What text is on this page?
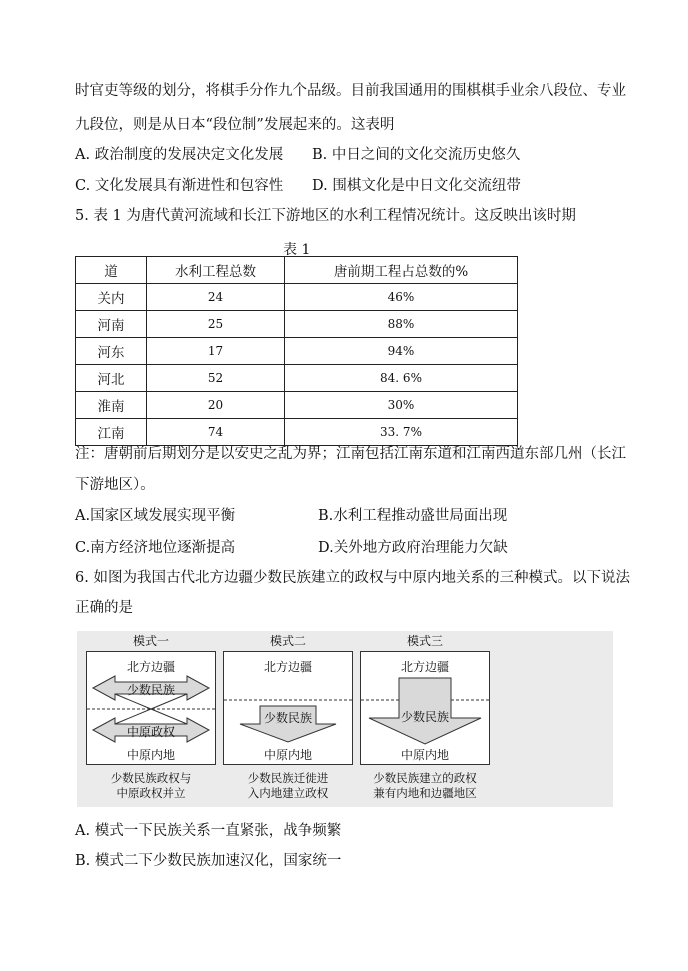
时官吏等级的划分，将棋手分作九个品级。目前我国通用的围棋棋手业余八段位、专业
九段位，则是从日本“段位制”发展起来的。这表明
A. 政治制度的发展决定文化发展 B. 中日之间的文化交流历史悠久
C. 文化发展具有渐进性和包容性 D. 围棋文化是中日文化交流纽带
5. 表 1 为唐代黄河流域和长江下游地区的水利工程情况统计。这反映出该时期
表 1
道	水利工程总数	唐前期工程占总数的%
关内	24	46%
河南	25	88%
河东	17	94%
河北	52	84. 6%
淮南	20	30%
江南	74	33. 7%
注：唐朝前后期划分是以安史之乱为界；江南包括江南东道和江南西道东部几州（长江
下游地区）。
A.国家区域发展实现平衡	B.水利工程推动盛世局面出现
C.南方经济地位逐渐提高	D.关外地方政府治理能力欠缺
6. 如图为我国古代北方边疆少数民族建立的政权与中原内地关系的三种模式。以下说法
正确的是
模式一
北方边疆
少数民族
中原政权
中原内地
少数民族政权与
中原政权并立
模式二
北方边疆
少数民族
中原内地
少数民族迁徙进
入内地建立政权
模式三
北方边疆
少数民族
中原内地
少数民族建立的政权
兼有内地和边疆地区
A. 模式一下民族关系一直紧张，战争频繁
B. 模式二下少数民族加速汉化，国家统一
